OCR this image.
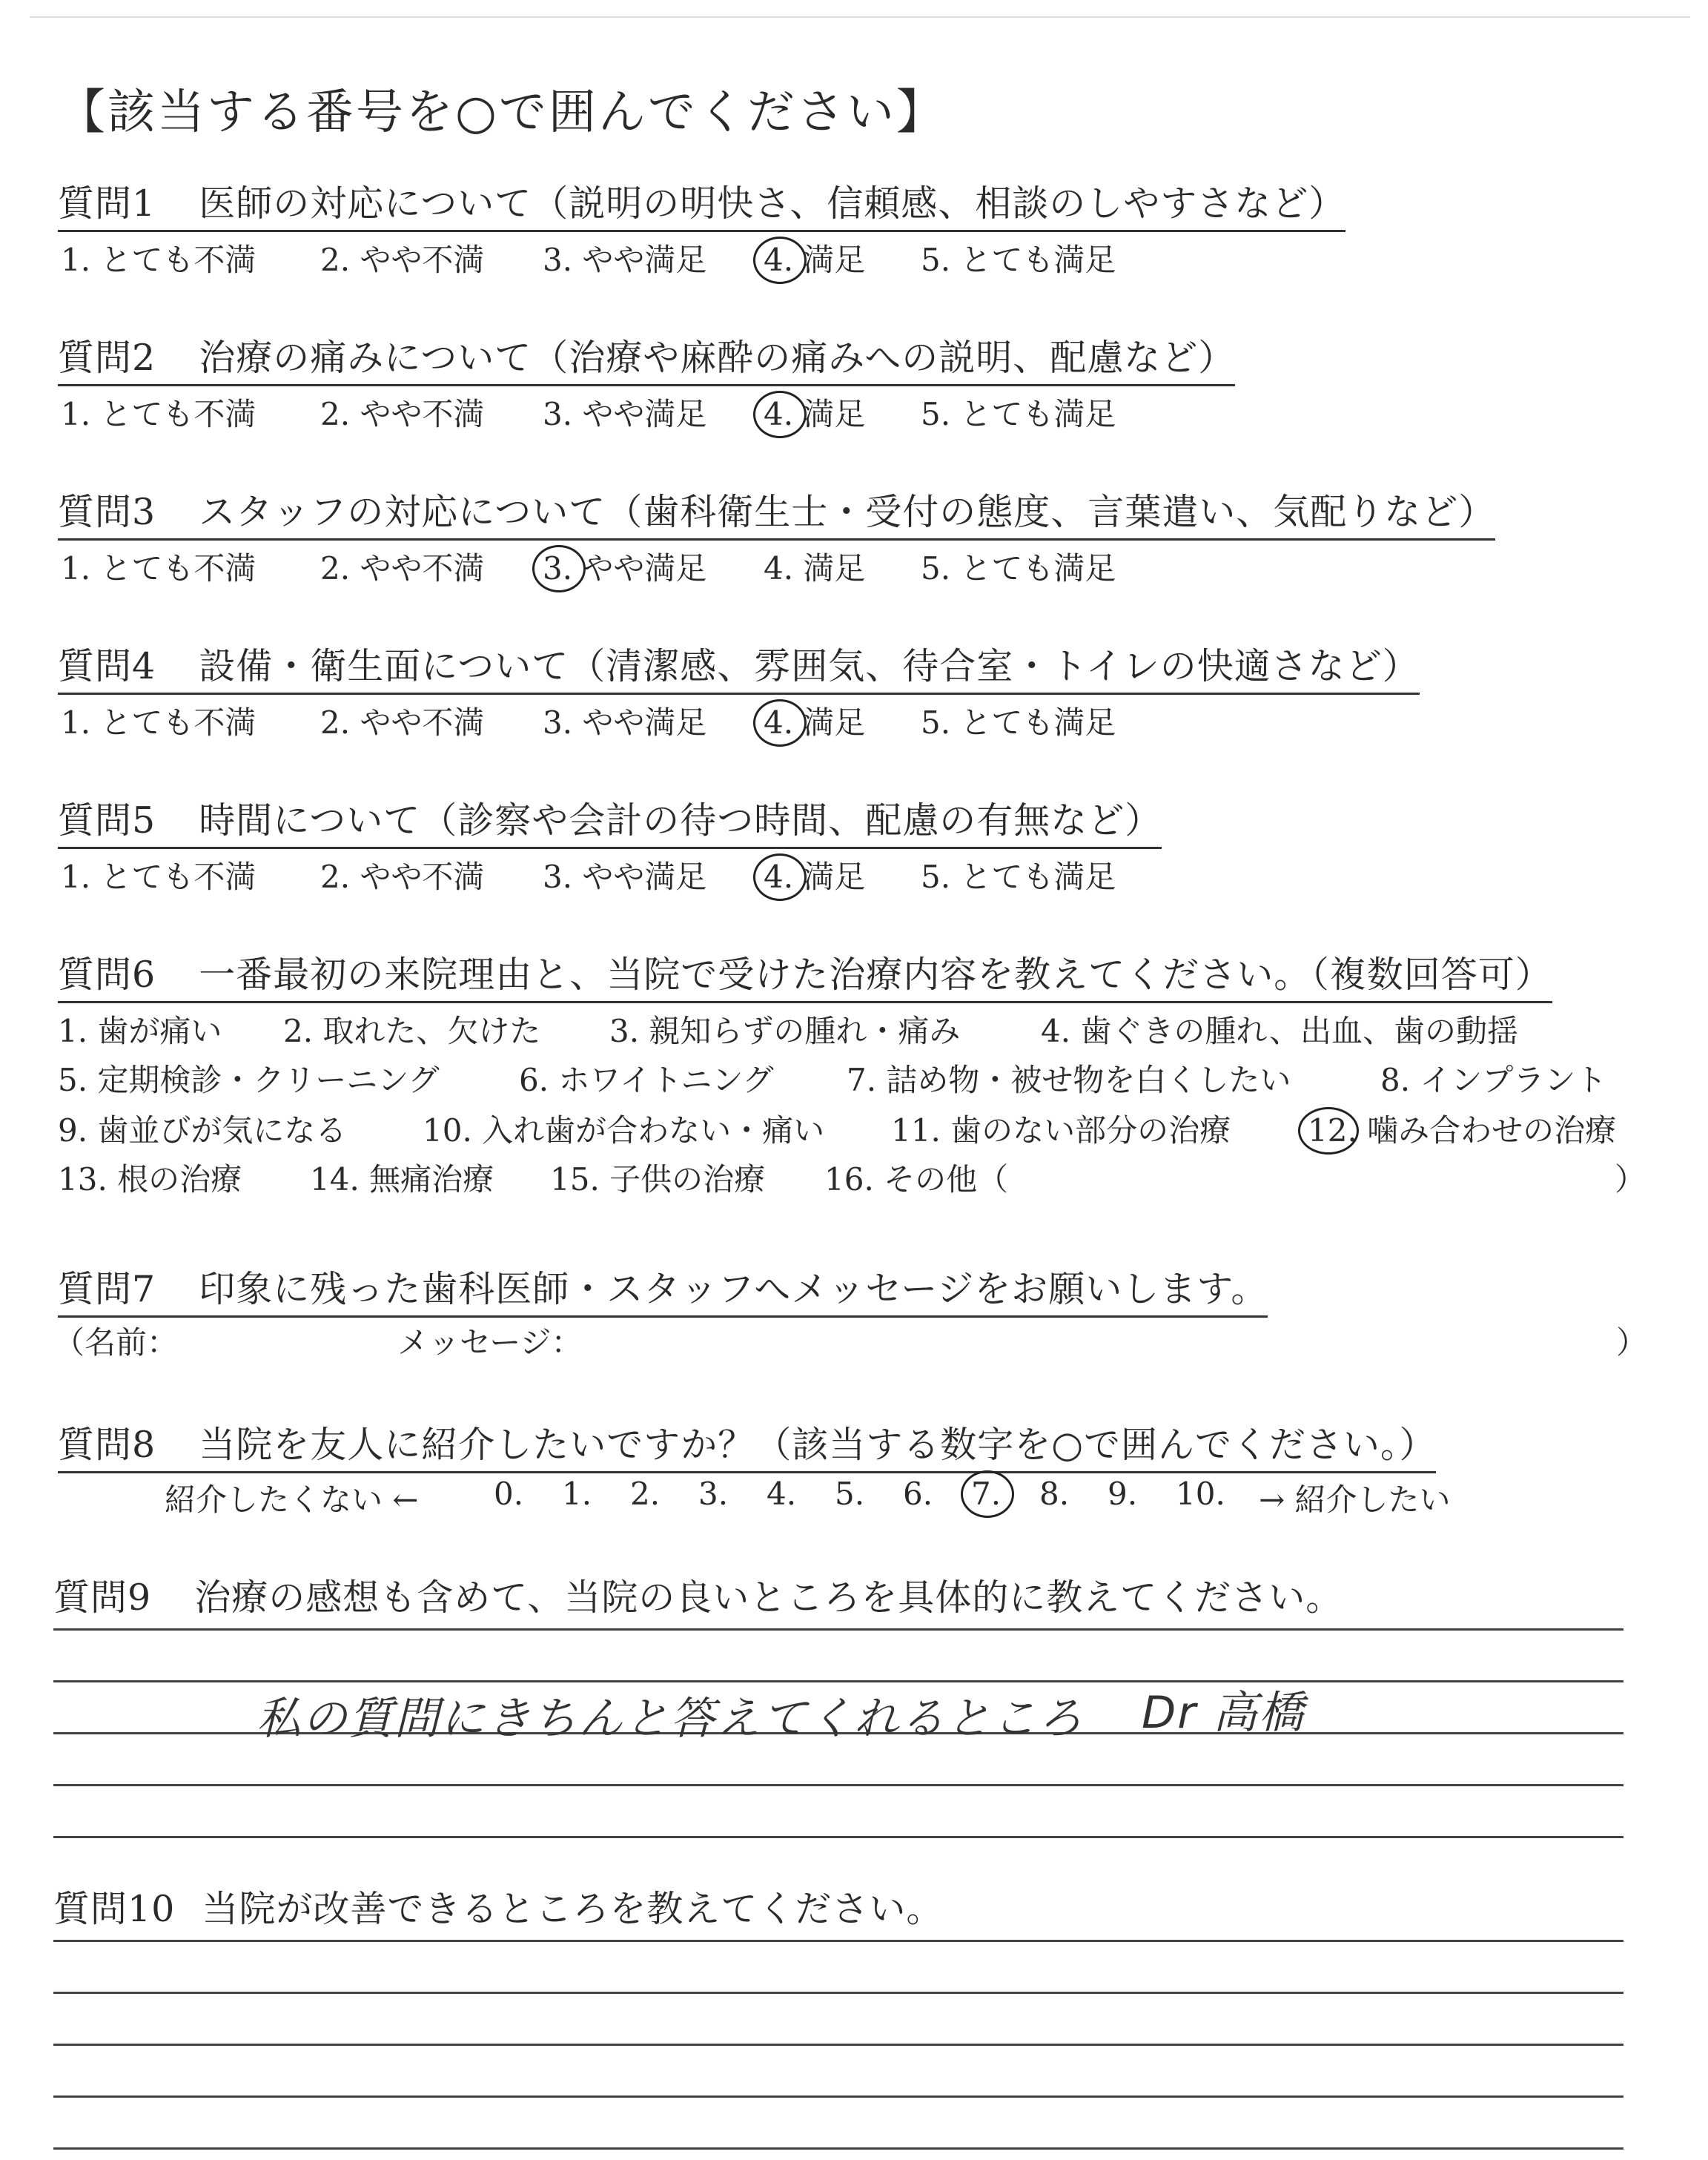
【該当する番号を○で囲んでください】
質問1 医師の対応について（説明の明快さ、信頼感、相談のしやすさなど）
1. とても不満 2. やや不満 3. やや満足 4. 満足 5. とても満足
質問2 治療の痛みについて（治療や麻酔の痛みへの説明、配慮など）
1. とても不満 2. やや不満 3. やや満足 4. 満足 5. とても満足
質問3 スタッフの対応について（歯科衛生士・受付の態度、言葉遣い、気配りなど）
1. とても不満 2. やや不満 3. やや満足 4. 満足 5. とても満足
質問4 設備・衛生面について（清潔感、雰囲気、待合室・トイレの快適さなど）
1. とても不満 2. やや不満 3. やや満足 4. 満足 5. とても満足
質問5 時間について（診察や会計の待つ時間、配慮の有無など）
1. とても不満 2. やや不満 3. やや満足 4. 満足 5. とても満足
質問6 一番最初の来院理由と、当院で受けた治療内容を教えてください。（複数回答可）
1. 歯が痛い 2. 取れた、欠けた 3. 親知らずの腫れ・痛み	4. 歯ぐきの腫れ、出血、歯の動揺
5. 定期検診・クリーニング	6. ホワイトニング 7. 詰め物・被せ物を白くしたい	8. インプラント
9. 歯並びが気になる 10. 入れ歯が合わない・痛い 11. 歯のない部分の治療 12. 噛み合わせの治療
13. 根の治療 14. 無痛治療 15. 子供の治療 16. その他（	）
質問7 印象に残った歯科医師・スタッフへメッセージをお願いします。
（名前：	メッセージ：	）
質問8 当院を友人に紹介したいですか？（該当する数字を○で囲んでください。）
紹介したくない ← 0. 1. 2. 3. 4. 5. 6. 7. 8. 9. 10. → 紹介したい
質問9 治療の感想も含めて、当院の良いところを具体的に教えてください。
私の質問にきちんと答えてくれるところ Dr 高橋
質問10 当院が改善できるところを教えてください。
